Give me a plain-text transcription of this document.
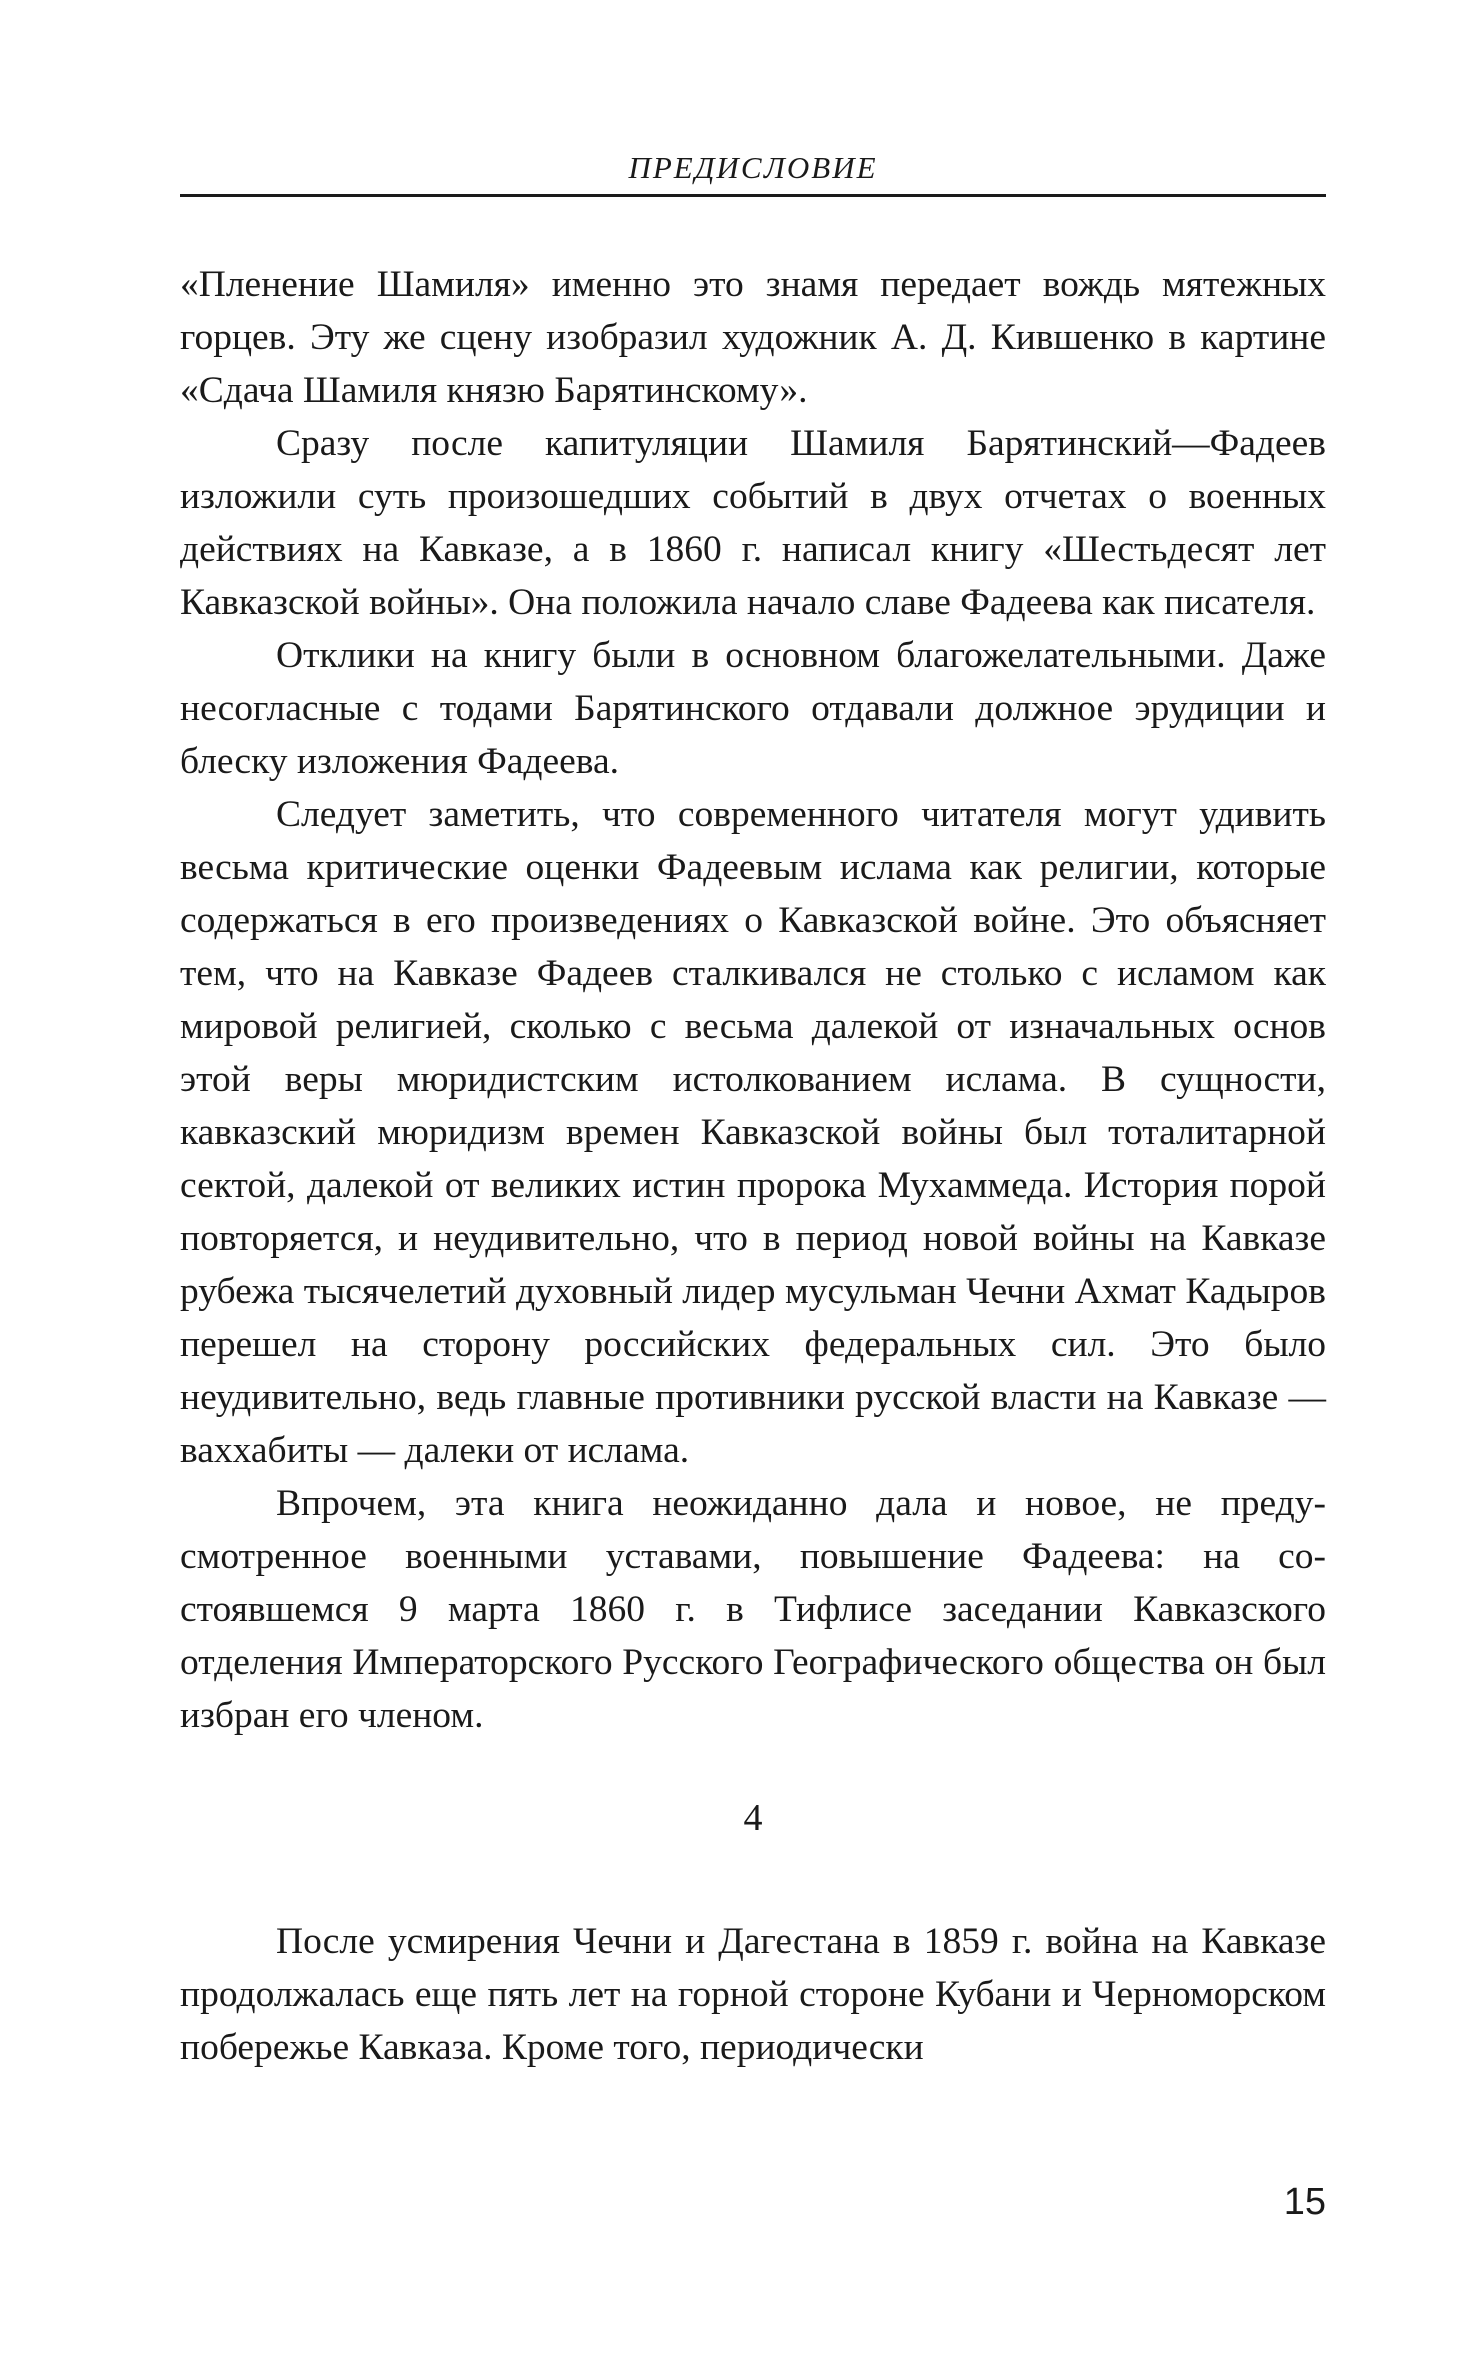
ПРЕДИСЛОВИЕ

«Пленение Шамиля» именно это знамя передает вождь мятежных горцев. Эту же сцену изобразил художник А. Д. Кившенко в картине «Сдача Шамиля князю Барятинскому».

Сразу после капитуляции Шамиля Барятинский—Фадеев изложили суть произошедших событий в двух отчетах о военных действиях на Кавказе, а в 1860 г. написал книгу «Шестьдесят лет Кавказской войны». Она положила начало славе Фадеева как писателя.

Отклики на книгу были в основном благожелательными. Даже несогласные с тодами Барятинского отдавали должное эрудиции и блеску изложения Фадеева.

Следует заметить, что современного читателя могут удивить весьма критические оценки Фадеевым ислама как религии, которые содержаться в его произведениях о Кавказской войне. Это объясняет тем, что на Кавказе Фадеев сталкивался не столько с исламом как мировой религией, сколько с весьма далекой от изначальных основ этой веры мюридистским истолкованием ислама. В сущности, кавказский мюридизм времен Кавказской войны был тоталитарной сектой, далекой от великих истин пророка Мухаммеда. История порой повторяется, и неудивительно, что в период новой войны на Кавказе рубежа тысячелетий духовный лидер мусульман Чечни Ахмат Кадыров перешел на сторону российских федеральных сил. Это было неудивительно, ведь главные противники русской власти на Кавказе — ваххабиты — далеки от ислама.

Впрочем, эта книга неожиданно дала и новое, не предусмотренное военными уставами, повышение Фадеева: на состоявшемся 9 марта 1860 г. в Тифлисе заседании Кавказского отделения Императорского Русского Географического общества он был избран его членом.

4

После усмирения Чечни и Дагестана в 1859 г. война на Кавказе продолжалась еще пять лет на горной стороне Кубани и Черноморском побережье Кавказа. Кроме того, периодически

15
